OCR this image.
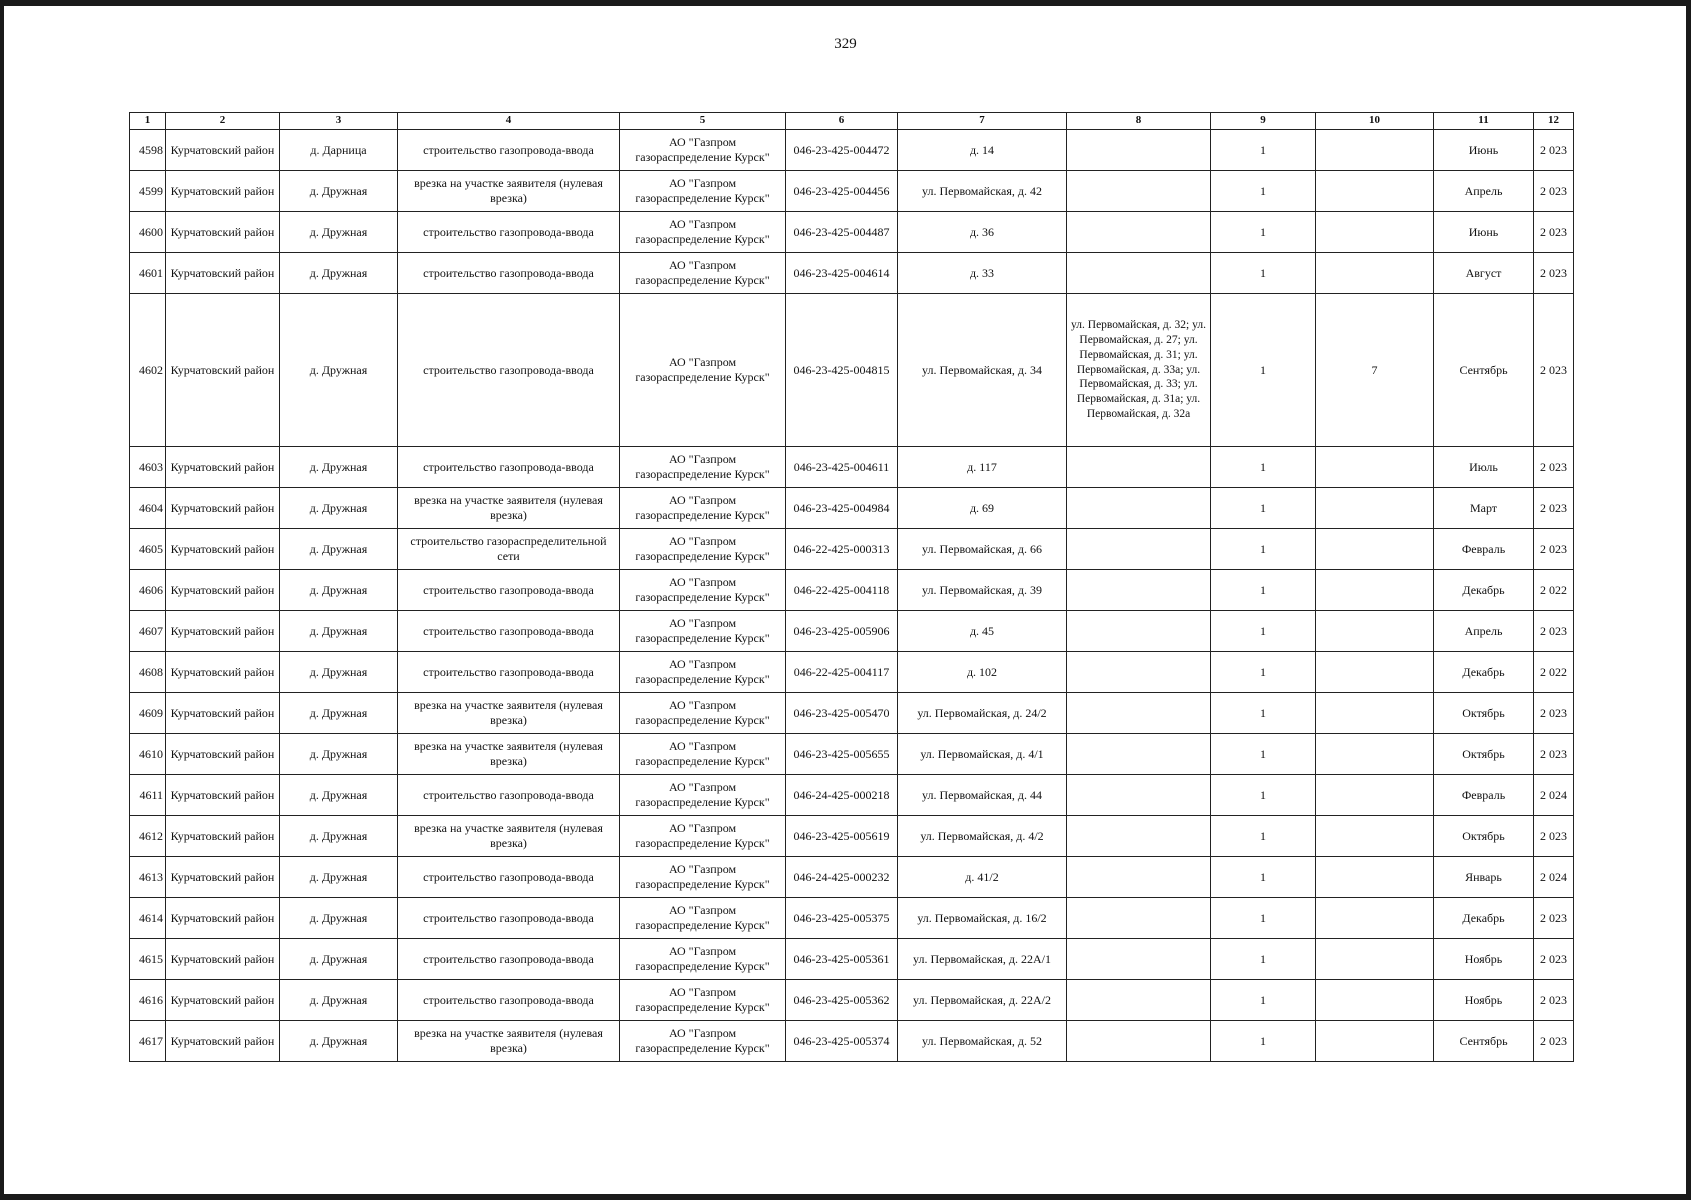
329
1	2	3	4	5	6	7	8	9	10	11	12
4598	Курчатовский район	д. Дарница	строительство газопровода-ввода	АО "Газпром газораспределение Курск"	046-23-425-004472	д. 14		1		Июнь	2 023
4599	Курчатовский район	д. Дружная	врезка на участке заявителя (нулевая врезка)	АО "Газпром газораспределение Курск"	046-23-425-004456	ул. Первомайская, д. 42		1		Апрель	2 023
4600	Курчатовский район	д. Дружная	строительство газопровода-ввода	АО "Газпром газораспределение Курск"	046-23-425-004487	д. 36		1		Июнь	2 023
4601	Курчатовский район	д. Дружная	строительство газопровода-ввода	АО "Газпром газораспределение Курск"	046-23-425-004614	д. 33		1		Август	2 023
4602	Курчатовский район	д. Дружная	строительство газопровода-ввода	АО "Газпром газораспределение Курск"	046-23-425-004815	ул. Первомайская, д. 34	ул. Первомайская, д. 32; ул. Первомайская, д. 27; ул. Первомайская, д. 31; ул. Первомайская, д. 33а; ул. Первомайская, д. 33; ул. Первомайская, д. 31а; ул. Первомайская, д. 32а	1	7	Сентябрь	2 023
4603	Курчатовский район	д. Дружная	строительство газопровода-ввода	АО "Газпром газораспределение Курск"	046-23-425-004611	д. 117		1		Июль	2 023
4604	Курчатовский район	д. Дружная	врезка на участке заявителя (нулевая врезка)	АО "Газпром газораспределение Курск"	046-23-425-004984	д. 69		1		Март	2 023
4605	Курчатовский район	д. Дружная	строительство газораспределительной сети	АО "Газпром газораспределение Курск"	046-22-425-000313	ул. Первомайская, д. 66		1		Февраль	2 023
4606	Курчатовский район	д. Дружная	строительство газопровода-ввода	АО "Газпром газораспределение Курск"	046-22-425-004118	ул. Первомайская, д. 39		1		Декабрь	2 022
4607	Курчатовский район	д. Дружная	строительство газопровода-ввода	АО "Газпром газораспределение Курск"	046-23-425-005906	д. 45		1		Апрель	2 023
4608	Курчатовский район	д. Дружная	строительство газопровода-ввода	АО "Газпром газораспределение Курск"	046-22-425-004117	д. 102		1		Декабрь	2 022
4609	Курчатовский район	д. Дружная	врезка на участке заявителя (нулевая врезка)	АО "Газпром газораспределение Курск"	046-23-425-005470	ул. Первомайская, д. 24/2		1		Октябрь	2 023
4610	Курчатовский район	д. Дружная	врезка на участке заявителя (нулевая врезка)	АО "Газпром газораспределение Курск"	046-23-425-005655	ул. Первомайская, д. 4/1		1		Октябрь	2 023
4611	Курчатовский район	д. Дружная	строительство газопровода-ввода	АО "Газпром газораспределение Курск"	046-24-425-000218	ул. Первомайская, д. 44		1		Февраль	2 024
4612	Курчатовский район	д. Дружная	врезка на участке заявителя (нулевая врезка)	АО "Газпром газораспределение Курск"	046-23-425-005619	ул. Первомайская, д. 4/2		1		Октябрь	2 023
4613	Курчатовский район	д. Дружная	строительство газопровода-ввода	АО "Газпром газораспределение Курск"	046-24-425-000232	д. 41/2		1		Январь	2 024
4614	Курчатовский район	д. Дружная	строительство газопровода-ввода	АО "Газпром газораспределение Курск"	046-23-425-005375	ул. Первомайская, д. 16/2		1		Декабрь	2 023
4615	Курчатовский район	д. Дружная	строительство газопровода-ввода	АО "Газпром газораспределение Курск"	046-23-425-005361	ул. Первомайская, д. 22А/1		1		Ноябрь	2 023
4616	Курчатовский район	д. Дружная	строительство газопровода-ввода	АО "Газпром газораспределение Курск"	046-23-425-005362	ул. Первомайская, д. 22А/2		1		Ноябрь	2 023
4617	Курчатовский район	д. Дружная	врезка на участке заявителя (нулевая врезка)	АО "Газпром газораспределение Курск"	046-23-425-005374	ул. Первомайская, д. 52		1		Сентябрь	2 023
